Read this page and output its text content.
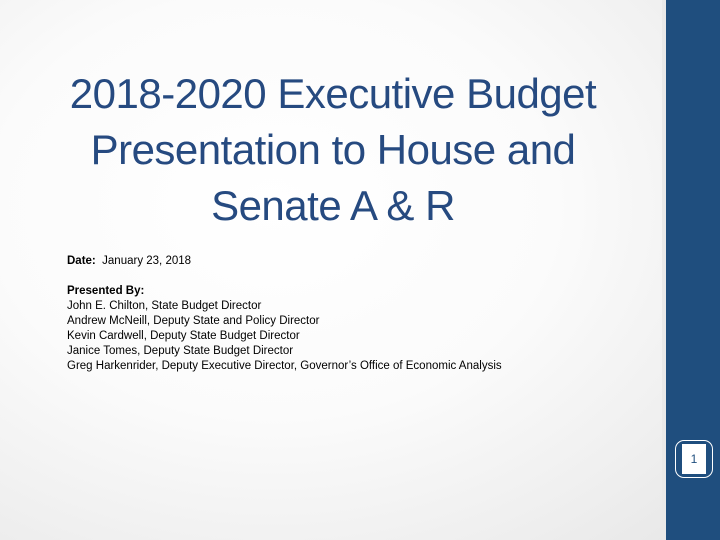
2018-2020 Executive Budget Presentation to House and Senate A & R

Date: January 23, 2018

Presented By:

John E. Chilton, State Budget Director

Andrew McNeill, Deputy State and Policy Director

Kevin Cardwell, Deputy State Budget Director

Janice Tomes, Deputy State Budget Director

Greg Harkenrider, Deputy Executive Director, Governor’s Office of Economic Analysis

1
